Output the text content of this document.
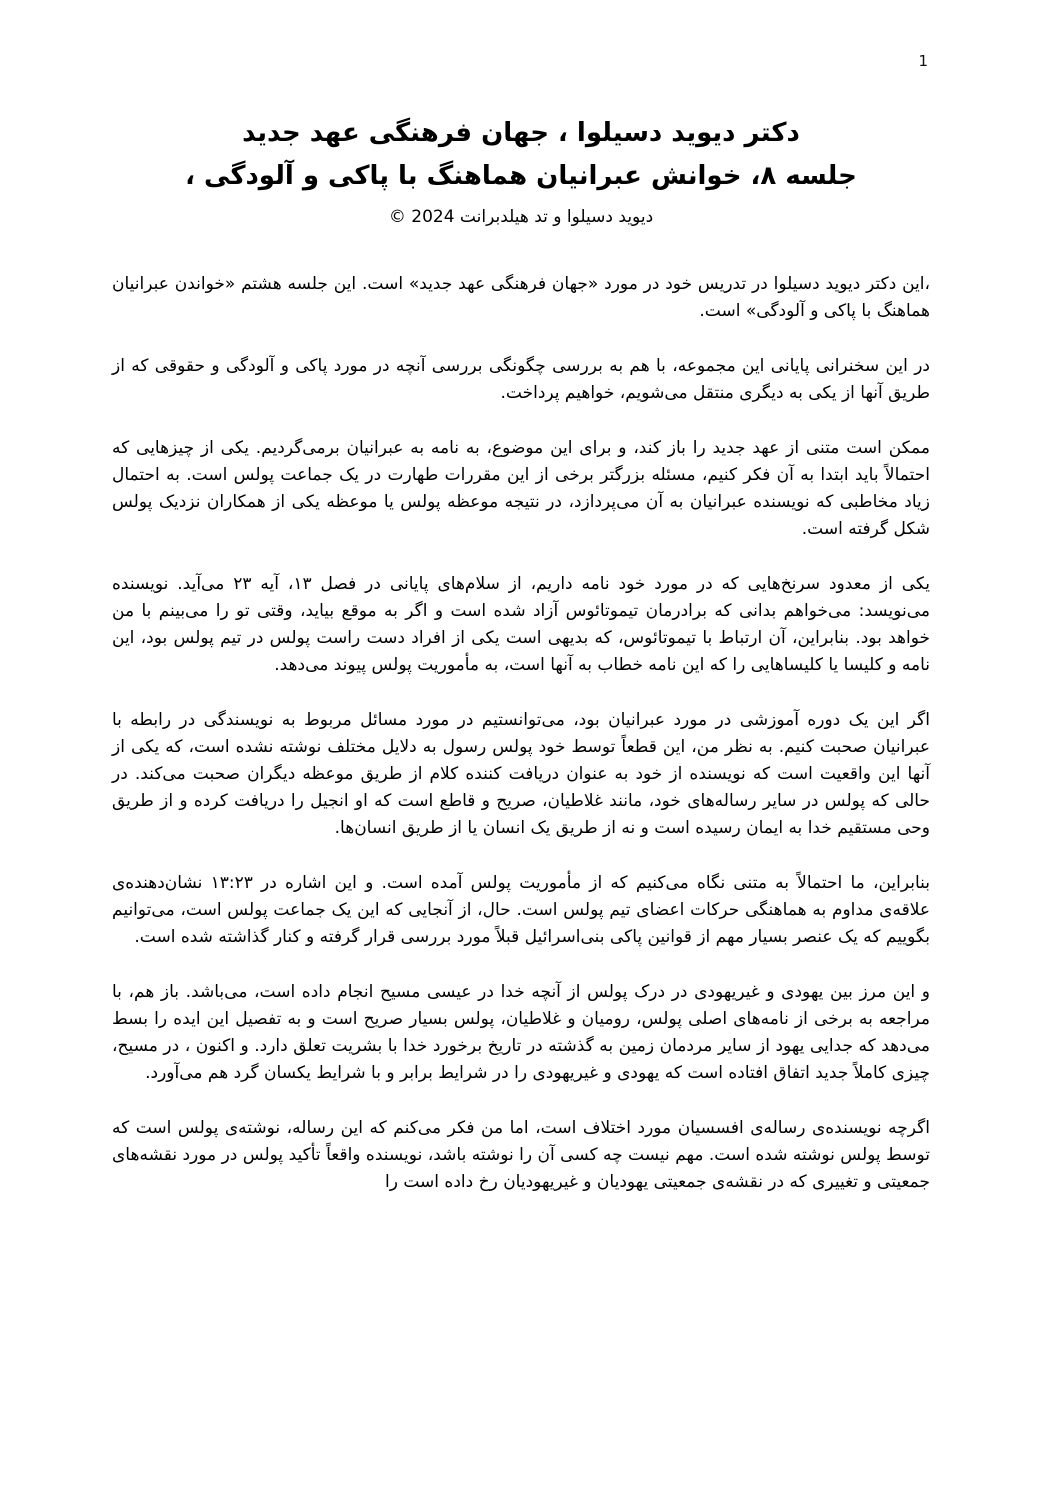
1
دکتر دیوید دسیلوا ، جهان فرهنگی عهد جدید
جلسه ۸، خوانش عبرانیان هماهنگ با پاکی و آلودگی ،
دیوید دسیلوا و تد هیلدبرانت 2024 ©

،این دکتر دیوید دسیلوا در تدریس خود در مورد «جهان فرهنگی عهد جدید» است. این جلسه هشتم «خواندن عبرانیان هماهنگ با پاکی و آلودگی» است.

در این سخنرانی پایانی این مجموعه، با هم به بررسی چگونگی بررسی آنچه در مورد پاکی و آلودگی و حقوقی که از طریق آنها از یکی به دیگری منتقل می‌شویم، خواهیم پرداخت.

ممکن است متنی از عهد جدید را باز کند، و برای این موضوع، به نامه به عبرانیان برمی‌گردیم. یکی از چیزهایی که احتمالاً باید ابتدا به آن فکر کنیم، مسئله بزرگتر برخی از این مقررات طهارت در یک جماعت پولس است. به احتمال زیاد مخاطبی که نویسنده عبرانیان به آن می‌پردازد، در نتیجه موعظه پولس یا موعظه یکی از همکاران نزدیک پولس شکل گرفته است.

یکی از معدود سرنخ‌هایی که در مورد خود نامه داریم، از سلام‌های پایانی در فصل ۱۳، آیه ۲۳ می‌آید. نویسنده می‌نویسد: می‌خواهم بدانی که برادرمان تیموتائوس آزاد شده است و اگر به موقع بیاید، وقتی تو را می‌بینم با من خواهد بود. بنابراین، آن ارتباط با تیموتائوس، که بدیهی است یکی از افراد دست راست پولس در تیم پولس بود، این نامه و کلیسا یا کلیساهایی را که این نامه خطاب به آنها است، به مأموریت پولس پیوند می‌دهد.

اگر این یک دوره آموزشی در مورد عبرانیان بود، می‌توانستیم در مورد مسائل مربوط به نویسندگی در رابطه با عبرانیان صحبت کنیم. به نظر من، این قطعاً توسط خود پولس رسول به دلایل مختلف نوشته نشده است، که یکی از آنها این واقعیت است که نویسنده از خود به عنوان دریافت کننده کلام از طریق موعظه دیگران صحبت می‌کند. در حالی که پولس در سایر رساله‌های خود، مانند غلاطیان، صریح و قاطع است که او انجیل را دریافت کرده و از طریق وحی مستقیم خدا به ایمان رسیده است و نه از طریق یک انسان یا از طریق انسان‌ها.

بنابراین، ما احتمالاً به متنی نگاه می‌کنیم که از مأموریت پولس آمده است. و این اشاره در ۱۳:۲۳ نشان‌دهنده‌ی علاقه‌ی مداوم به هماهنگی حرکات اعضای تیم پولس است. حال، از آنجایی که این یک جماعت پولس است، می‌توانیم بگوییم که یک عنصر بسیار مهم از قوانین پاکی بنی‌اسرائیل قبلاً مورد بررسی قرار گرفته و کنار گذاشته شده است.

و این مرز بین یهودی و غیریهودی در درک پولس از آنچه خدا در عیسی مسیح انجام داده است، می‌باشد. باز هم، با مراجعه به برخی از نامه‌های اصلی پولس، رومیان و غلاطیان، پولس بسیار صریح است و به تفصیل این ایده را بسط می‌دهد که جدایی یهود از سایر مردمان زمین به گذشته در تاریخ برخورد خدا با بشریت تعلق دارد. و اکنون ، در مسیح، چیزی کاملاً جدید اتفاق افتاده است که یهودی و غیریهودی را در شرایط برابر و با شرایط یکسان گرد هم می‌آورد.

اگرچه نویسنده‌ی رساله‌ی افسسیان مورد اختلاف است، اما من فکر می‌کنم که این رساله، نوشته‌ی پولس است که توسط پولس نوشته شده است. مهم نیست چه کسی آن را نوشته باشد، نویسنده واقعاً تأکید پولس در مورد نقشه‌های جمعیتی و تغییری که در نقشه‌ی جمعیتی یهودیان و غیریهودیان رخ داده است را
